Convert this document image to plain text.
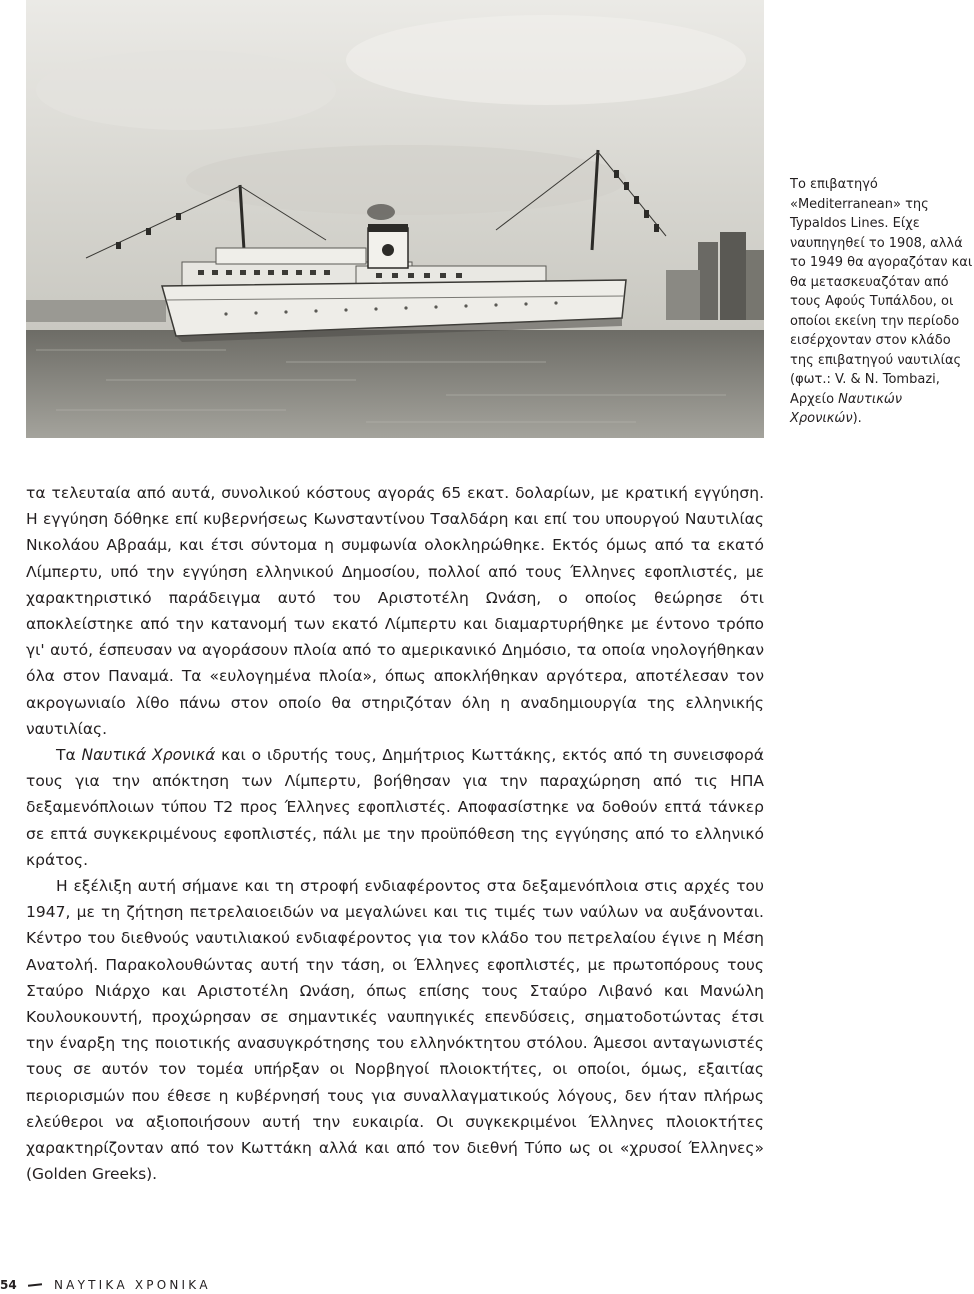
Το επιβατηγό «Mediterranean» της Typaldos Lines. Είχε ναυπηγηθεί το 1908, αλλά το 1949 θα αγοραζόταν και θα μετασκευαζόταν από τους Αφούς Τυπάλδου, οι οποίοι εκείνη την περίοδο εισέρχονταν στον κλάδο της επιβατηγού ναυτιλίας (φωτ.: V. & N. Tombazi, Αρχείο Ναυτικών Χρονικών).

τα τελευταία από αυτά, συνολικού κόστους αγοράς 65 εκατ. δολαρίων, με κρατική εγγύηση. Η εγγύηση δόθηκε επί κυβερνήσεως Κωνσταντίνου Τσαλδάρη και επί του υπουργού Ναυτιλίας Νικολάου Αβραάμ, και έτσι σύντομα η συμφωνία ολοκληρώθηκε. Εκτός όμως από τα εκατό Λίμπερτυ, υπό την εγγύηση ελληνικού Δημοσίου, πολλοί από τους Έλληνες εφοπλιστές, με χαρακτηριστικό παράδειγμα αυτό του Αριστοτέλη Ωνάση, ο οποίος θεώρησε ότι αποκλείστηκε από την κατανομή των εκατό Λίμπερτυ και διαμαρτυρήθηκε με έντονο τρόπο γι' αυτό, έσπευσαν να αγοράσουν πλοία από το αμερικανικό Δημόσιο, τα οποία νηολογήθηκαν όλα στον Παναμά. Τα «ευλογημένα πλοία», όπως αποκλήθηκαν αργότερα, αποτέλεσαν τον ακρογωνιαίο λίθο πάνω στον οποίο θα στηριζόταν όλη η αναδημιουργία της ελληνικής ναυτιλίας.

Τα Ναυτικά Χρονικά και ο ιδρυτής τους, Δημήτριος Κωττάκης, εκτός από τη συνεισφορά τους για την απόκτηση των Λίμπερτυ, βοήθησαν για την παραχώρηση από τις ΗΠΑ δεξαμενόπλοιων τύπου Τ2 προς Έλληνες εφοπλιστές. Αποφασίστηκε να δοθούν επτά τάνκερ σε επτά συγκεκριμένους εφοπλιστές, πάλι με την προϋπόθεση της εγγύησης από το ελληνικό κράτος.

Η εξέλιξη αυτή σήμανε και τη στροφή ενδιαφέροντος στα δεξαμενόπλοια στις αρχές του 1947, με τη ζήτηση πετρελαιοειδών να μεγαλώνει και τις τιμές των ναύλων να αυξάνονται. Κέντρο του διεθνούς ναυτιλιακού ενδιαφέροντος για τον κλάδο του πετρελαίου έγινε η Μέση Ανατολή. Παρακολουθώντας αυτή την τάση, οι Έλληνες εφοπλιστές, με πρωτοπόρους τους Σταύρο Νιάρχο και Αριστοτέλη Ωνάση, όπως επίσης τους Σταύρο Λιβανό και Μανώλη Κουλουκουντή, προχώρησαν σε σημαντικές ναυπηγικές επενδύσεις, σηματοδοτώντας έτσι την έναρξη της ποιοτικής ανασυγκρότησης του ελληνόκτητου στόλου. Άμεσοι ανταγωνιστές τους σε αυτόν τον τομέα υπήρξαν οι Νορβηγοί πλοιοκτήτες, οι οποίοι, όμως, εξαιτίας περιορισμών που έθεσε η κυβέρνησή τους για συναλλαγματικούς λόγους, δεν ήταν πλήρως ελεύθεροι να αξιοποιήσουν αυτή την ευκαιρία. Οι συγκεκριμένοι Έλληνες πλοιοκτήτες χαρακτηρίζονταν από τον Κωττάκη αλλά και από τον διεθνή Τύπο ως οι «χρυσοί Έλληνες» (Golden Greeks).

54	ΝΑΥΤΙΚΑ ΧΡΟΝΙΚΑ
